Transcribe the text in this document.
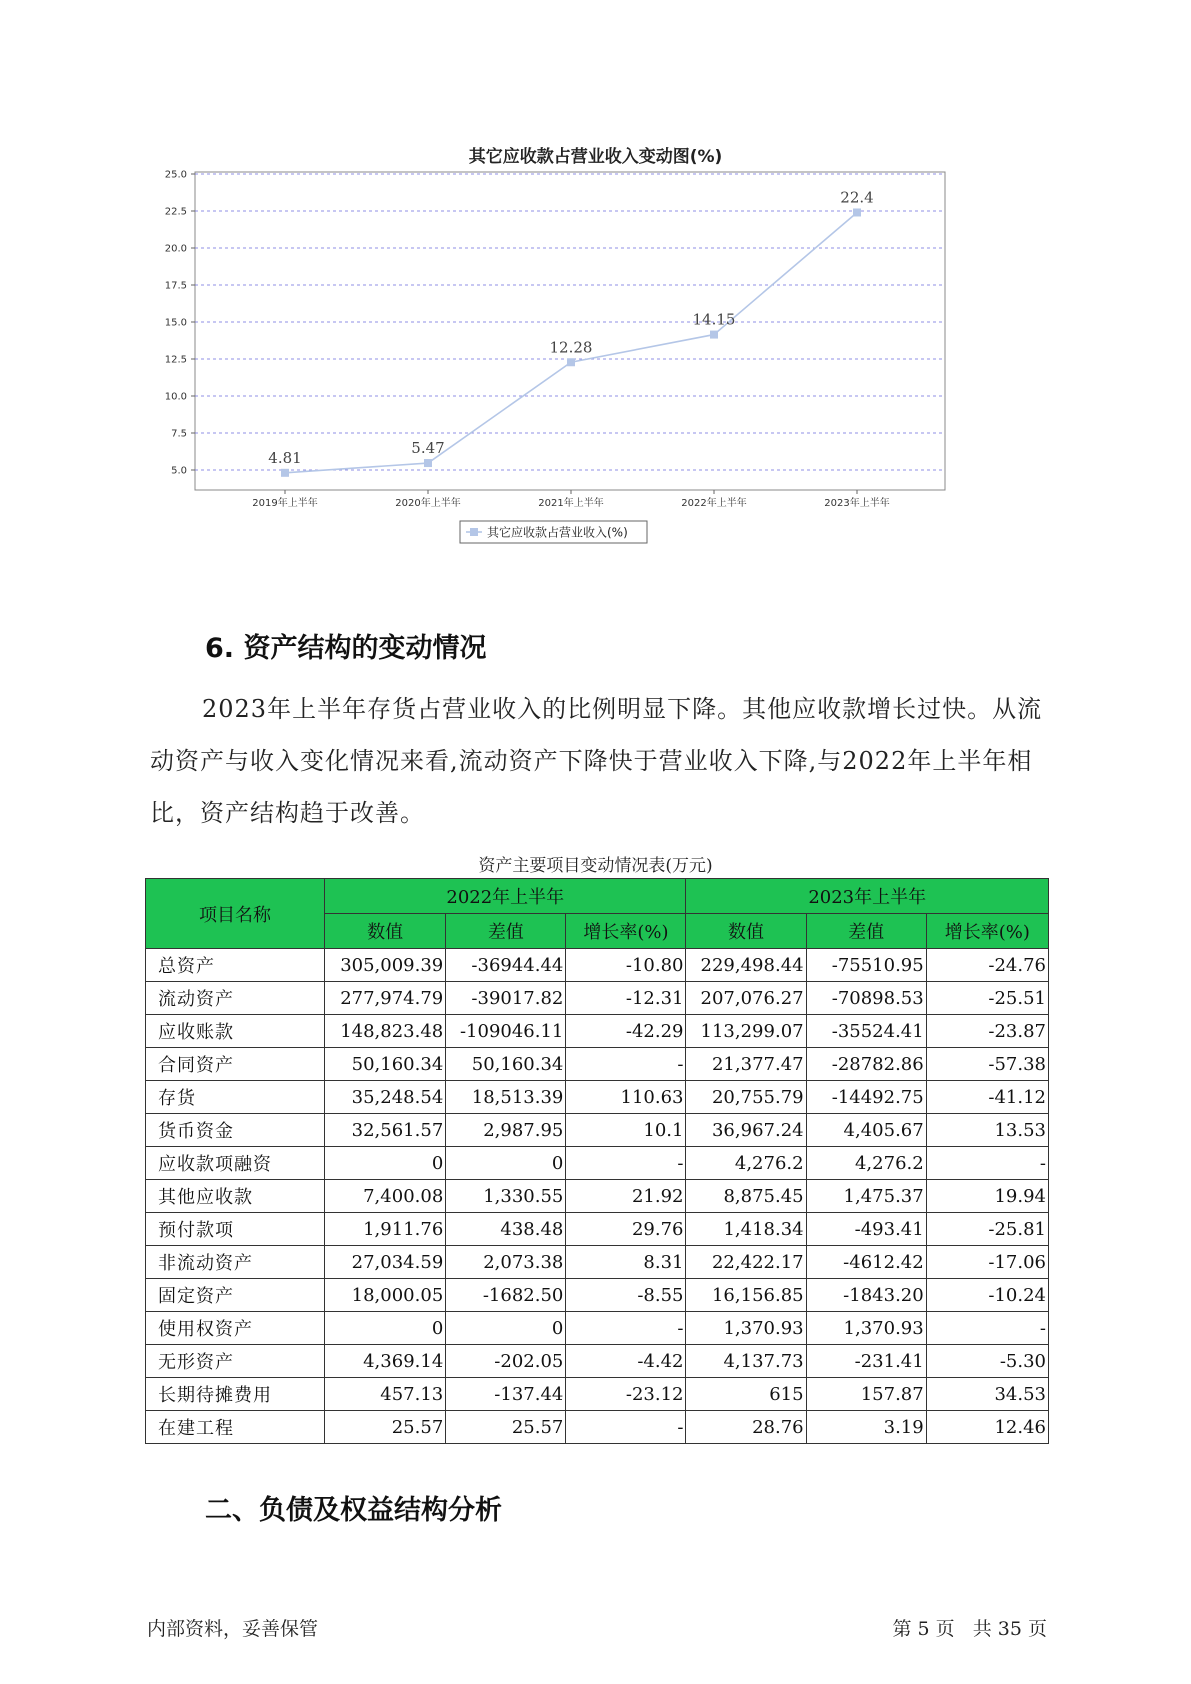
其它应收款占营业收入变动图(%)
25.0
22.5
20.0
17.5
15.0
12.5
10.0
7.5
5.0
2019年上半年	2020年上半年	2021年上半年	2022年上半年	2023年上半年
4.81
5.47
12.28
14.15
22.4
其它应收款占营业收入(%)
6. 资产结构的变动情况
2023年上半年存货占营业收入的比例明显下降。其他应收款增长过快。从流动资产与收入变化情况来看,流动资产下降快于营业收入下降,与2022年上半年相比，资产结构趋于改善。
资产主要项目变动情况表(万元)
项目名称	2022年上半年			2023年上半年		
	数值	差值	增长率(%)	数值	差值	增长率(%)
总资产	305,009.39	-36944.44	-10.80	229,498.44	-75510.95	-24.76
流动资产	277,974.79	-39017.82	-12.31	207,076.27	-70898.53	-25.51
应收账款	148,823.48	-109046.11	-42.29	113,299.07	-35524.41	-23.87
合同资产	50,160.34	50,160.34	-	21,377.47	-28782.86	-57.38
存货	35,248.54	18,513.39	110.63	20,755.79	-14492.75	-41.12
货币资金	32,561.57	2,987.95	10.1	36,967.24	4,405.67	13.53
应收款项融资	0	0	-	4,276.2	4,276.2	-
其他应收款	7,400.08	1,330.55	21.92	8,875.45	1,475.37	19.94
预付款项	1,911.76	438.48	29.76	1,418.34	-493.41	-25.81
非流动资产	27,034.59	2,073.38	8.31	22,422.17	-4612.42	-17.06
固定资产	18,000.05	-1682.50	-8.55	16,156.85	-1843.20	-10.24
使用权资产	0	0	-	1,370.93	1,370.93	-
无形资产	4,369.14	-202.05	-4.42	4,137.73	-231.41	-5.30
长期待摊费用	457.13	-137.44	-23.12	615	157.87	34.53
在建工程	25.57	25.57	-	28.76	3.19	12.46
二、负债及权益结构分析
内部资料，妥善保管	第 5 页   共 35 页
